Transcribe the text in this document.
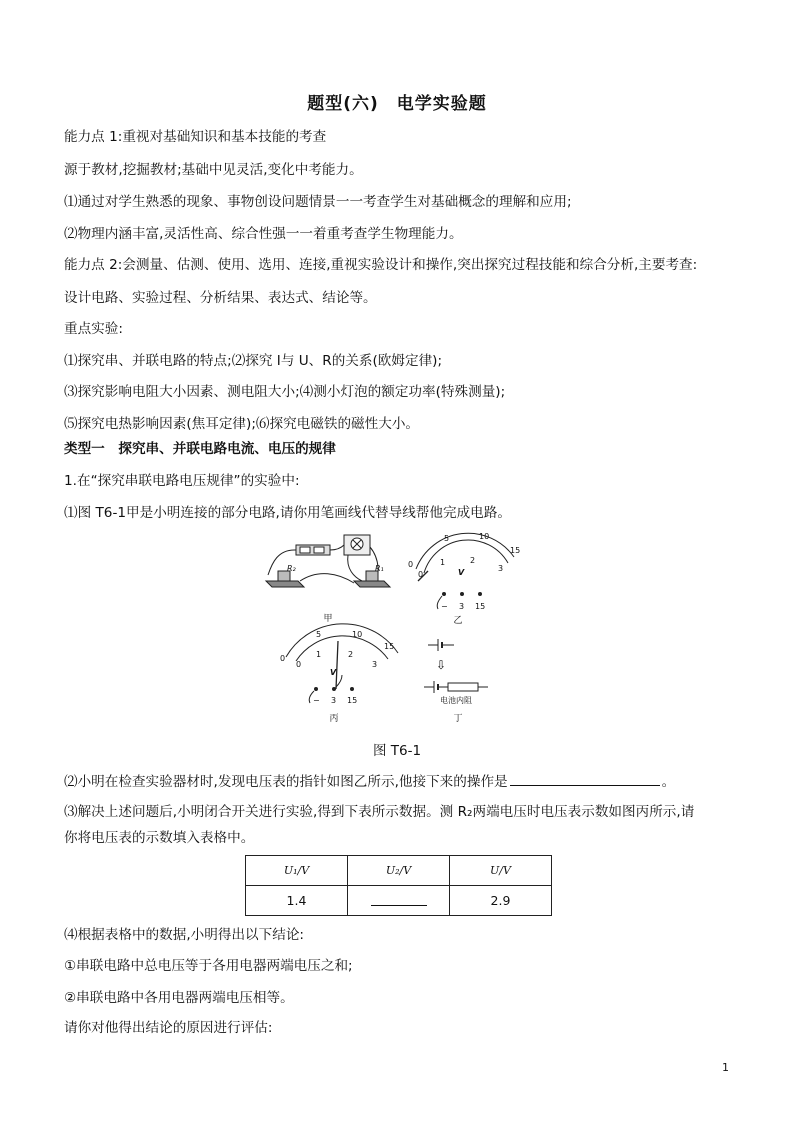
题型(六)　电学实验题
能力点 1:重视对基础知识和基本技能的考查
源于教材,挖掘教材;基础中见灵活,变化中考能力。
⑴通过对学生熟悉的现象、事物创设问题情景一一考查学生对基础概念的理解和应用;
⑵物理内涵丰富,灵活性高、综合性强一一着重考查学生物理能力。
能力点 2:会测量、估测、使用、选用、连接,重视实验设计和操作,突出探究过程技能和综合分析,主要考查:
设计电路、实验过程、分析结果、表达式、结论等。
重点实验:
⑴探究串、并联电路的特点;⑵探究 I与 U、R的关系(欧姆定律);
⑶探究影响电阻大小因素、测电阻大小;⑷测小灯泡的额定功率(特殊测量);
⑸探究电热影响因素(焦耳定律);⑹探究电磁铁的磁性大小。
类型一　探究串、并联电路电流、电压的规律
1.在“探究串联电路电压规律”的实验中:
⑴图 T6-1甲是小明连接的部分电路,请你用笔画线代替导线帮他完成电路。
R₂	R₁
甲
0
5	10
15
0	1	2
3
V
− 3 15
乙
0
5	10
15
0
1	2
3
V
− 3 15
丙
⇩
电池内阻
丁
图 T6-1
⑵小明在检查实验器材时,发现电压表的指针如图乙所示,他接下来的操作是	。
⑶解决上述问题后,小明闭合开关进行实验,得到下表所示数据。测 R₂两端电压时电压表示数如图丙所示,请
你将电压表的示数填入表格中。
U₁/V	U₂/V	U/V
1.4		2.9
⑷根据表格中的数据,小明得出以下结论:
①串联电路中总电压等于各用电器两端电压之和;
②串联电路中各用电器两端电压相等。
请你对他得出结论的原因进行评估:
1
